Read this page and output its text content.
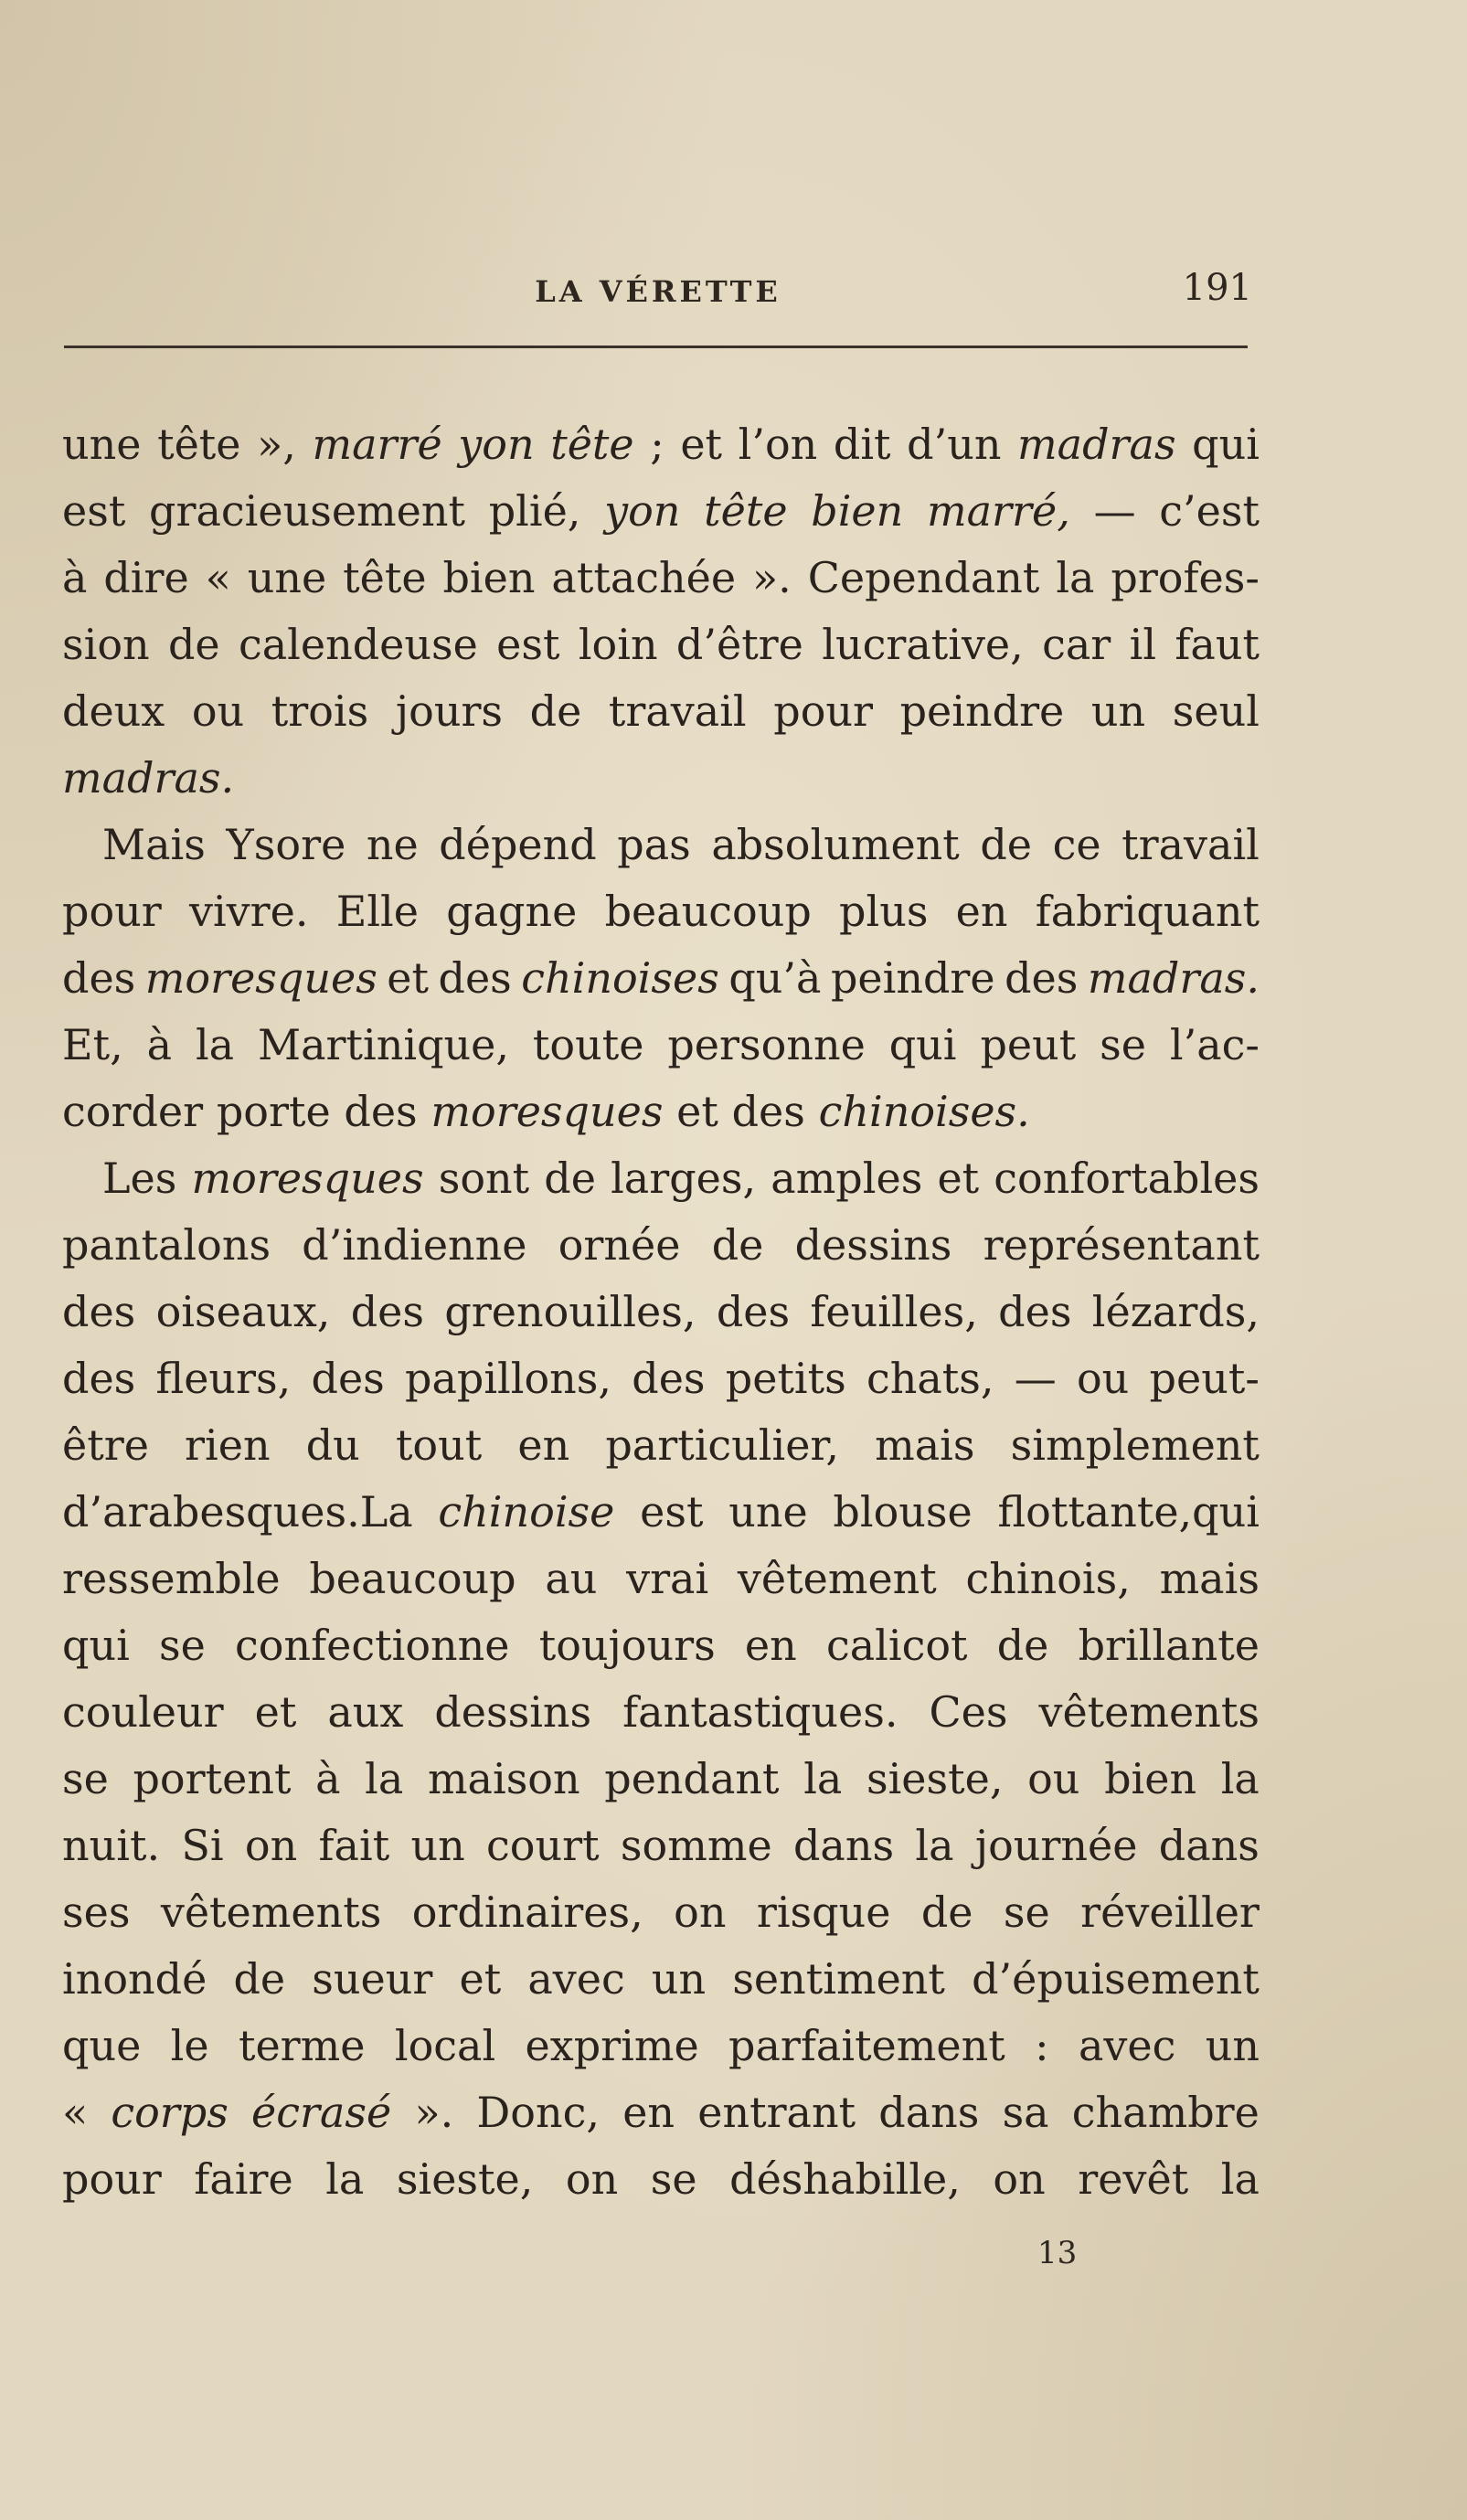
LA VÉRETTE	191
une tête », marré yon tête ; et l’on dit d’un madras qui
est gracieusement plié, yon tête bien marré, — c’est
à dire « une tête bien attachée ». Cependant la profes-
sion de calendeuse est loin d’être lucrative, car il faut
deux ou trois jours de travail pour peindre un seul
madras.
Mais Ysore ne dépend pas absolument de ce travail
pour vivre. Elle gagne beaucoup plus en fabriquant
des moresques et des chinoises qu’à peindre des madras.
Et, à la Martinique, toute personne qui peut se l’ac-
corder porte des moresques et des chinoises.
Les moresques sont de larges, amples et confortables
pantalons d’indienne ornée de dessins représentant
des oiseaux, des grenouilles, des feuilles, des lézards,
des fleurs, des papillons, des petits chats, — ou peut-
être rien du tout en particulier, mais simplement
d’arabesques.La chinoise est une blouse flottante,qui
ressemble beaucoup au vrai vêtement chinois, mais
qui se confectionne toujours en calicot de brillante
couleur et aux dessins fantastiques. Ces vêtements
se portent à la maison pendant la sieste, ou bien la
nuit. Si on fait un court somme dans la journée dans
ses vêtements ordinaires, on risque de se réveiller
inondé de sueur et avec un sentiment d’épuisement
que le terme local exprime parfaitement : avec un
« corps écrasé ». Donc, en entrant dans sa chambre
pour faire la sieste, on se déshabille, on revêt la
13
